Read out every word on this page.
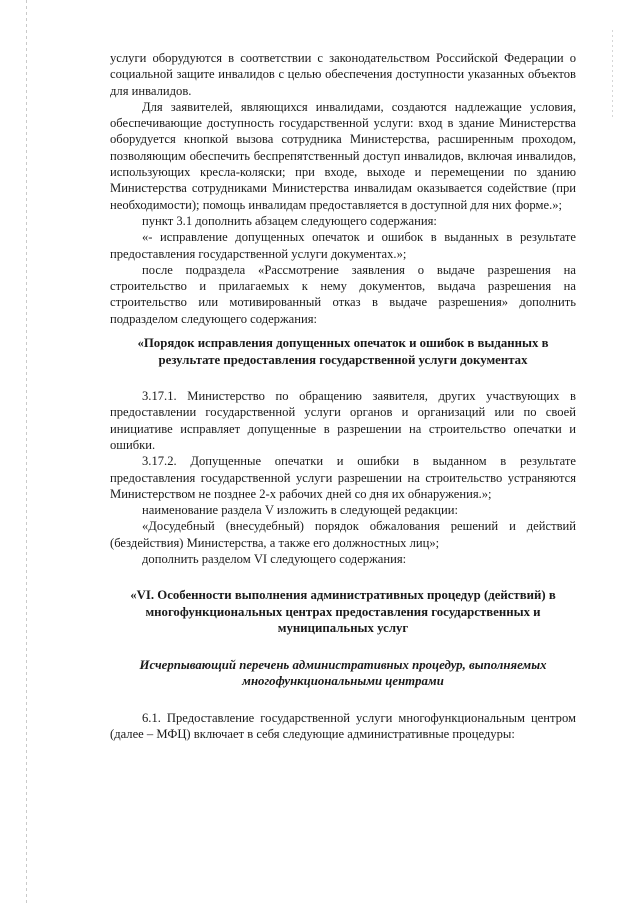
услуги оборудуются в соответствии с законодательством Российской Федерации о социальной защите инвалидов с целью обеспечения доступности указанных объектов для инвалидов.

Для заявителей, являющихся инвалидами, создаются надлежащие условия, обеспечивающие доступность государственной услуги: вход в здание Министерства оборудуется кнопкой вызова сотрудника Министерства, расширенным проходом, позволяющим обеспечить беспрепятственный доступ инвалидов, включая инвалидов, использующих кресла-коляски; при входе, выходе и перемещении по зданию Министерства сотрудниками Министерства инвалидам оказывается содействие (при необходимости); помощь инвалидам предоставляется в доступной для них форме.»;

пункт 3.1 дополнить абзацем следующего содержания:

«- исправление допущенных опечаток и ошибок в выданных в результате предоставления государственной услуги документах.»;

после подраздела «Рассмотрение заявления о выдаче разрешения на строительство и прилагаемых к нему документов, выдача разрешения на строительство или мотивированный отказ в выдаче разрешения» дополнить подразделом следующего содержания:

«Порядок исправления допущенных опечаток и ошибок в выданных в результате предоставления государственной услуги документах

3.17.1. Министерство по обращению заявителя, других участвующих в предоставлении государственной услуги органов и организаций или по своей инициативе исправляет допущенные в разрешении на строительство опечатки и ошибки.

3.17.2. Допущенные опечатки и ошибки в выданном в результате предоставления государственной услуги разрешении на строительство устраняются Министерством не позднее 2-х рабочих дней со дня их обнаружения.»;

наименование раздела V изложить в следующей редакции:

«Досудебный (внесудебный) порядок обжалования решений и действий (бездействия) Министерства, а также его должностных лиц»;

дополнить разделом VI следующего содержания:

«VI. Особенности выполнения административных процедур (действий) в многофункциональных центрах предоставления государственных и муниципальных услуг

Исчерпывающий перечень административных процедур, выполняемых многофункциональными центрами

6.1. Предоставление государственной услуги многофункциональным центром (далее – МФЦ) включает в себя следующие административные процедуры:
